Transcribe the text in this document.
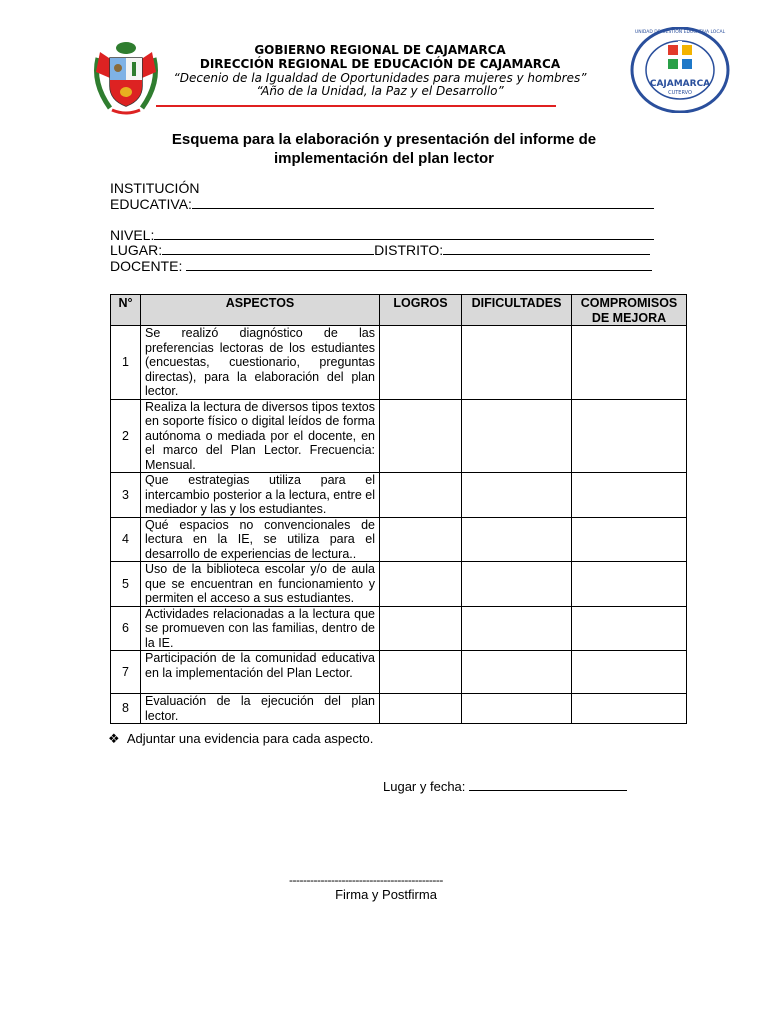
GOBIERNO REGIONAL DE CAJAMARCA
DIRECCIÓN REGIONAL DE EDUCACIÓN DE CAJAMARCA
“Decenio de la Igualdad de Oportunidades para mujeres y hombres”
“Año de la Unidad, la Paz y el Desarrollo”	CAJAMARCA
CUTERVO
UNIDAD DE GESTIÓN EDUCATIVA LOCAL
Esquema para la elaboración y presentación del informe de
implementación del plan lector
INSTITUCIÓN
EDUCATIVA:
NIVEL:
LUGAR:	DISTRITO:
DOCENTE:
N°	ASPECTOS	LOGROS	DIFICULTADES	COMPROMISOS DE MEJORA
1	Se realizó diagnóstico de las preferencias lectoras de los estudiantes (encuestas, cuestionario, preguntas directas), para la elaboración del plan lector.			
2	Realiza la lectura de diversos tipos textos en soporte físico o digital leídos de forma autónoma o mediada por el docente, en el marco del Plan Lector. Frecuencia: Mensual.			
3	Que estrategias utiliza para el intercambio posterior a la lectura, entre el mediador y las y los estudiantes.			
4	Qué espacios no convencionales de lectura en la IE, se utiliza para el desarrollo de experiencias de lectura..			
5	Uso de la biblioteca escolar y/o de aula que se encuentran en funcionamiento y permiten el acceso a sus estudiantes.			
6	Actividades relacionadas a la lectura que se promueven con las familias, dentro de la IE.			
7	Participación de la comunidad educativa en la implementación del Plan Lector.			
8	Evaluación de la ejecución del plan lector.			
❖ Adjuntar una evidencia para cada aspecto.
Lugar y fecha:
--------------------------------------------
Firma y Postfirma
